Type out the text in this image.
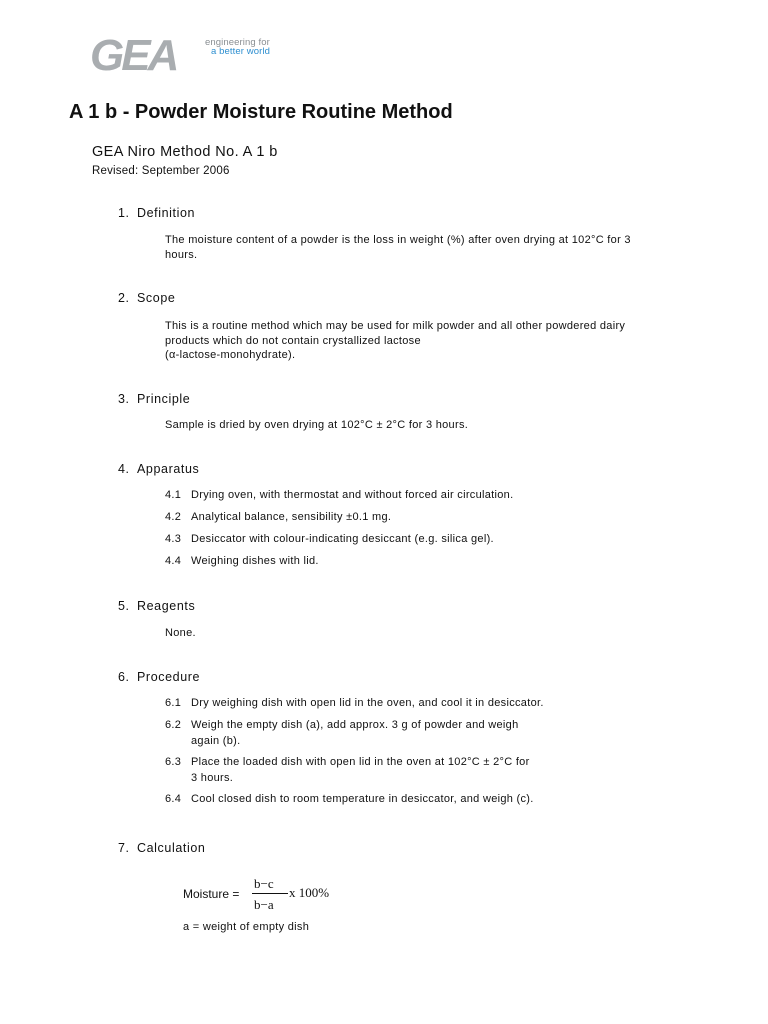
GEA	engineering for
a better world
A 1 b - Powder Moisture Routine Method
GEA Niro Method No. A 1 b
Revised: September 2006
1. Definition
The moisture content of a powder is the loss in weight (%) after oven drying at 102°C for 3
hours.
2. Scope
This is a routine method which may be used for milk powder and all other powdered dairy
products which do not contain crystallized lactose
(α-lactose-monohydrate).
3. Principle
Sample is dried by oven drying at 102°C ± 2°C for 3 hours.
4. Apparatus
4.1 Drying oven, with thermostat and without forced air circulation.
4.2 Analytical balance, sensibility ±0.1 mg.
4.3 Desiccator with colour-indicating desiccant (e.g. silica gel).
4.4 Weighing dishes with lid.
5. Reagents
None.
6. Procedure
6.1 Dry weighing dish with open lid in the oven, and cool it in desiccator.
6.2 Weigh the empty dish (a), add approx. 3 g of powder and weigh
again (b).
6.3 Place the loaded dish with open lid in the oven at 102°C ± 2°C for
3 hours.
6.4 Cool closed dish to room temperature in desiccator, and weigh (c).
7. Calculation
Moisture =
b−c
b−a
x 100%
a = weight of empty dish
